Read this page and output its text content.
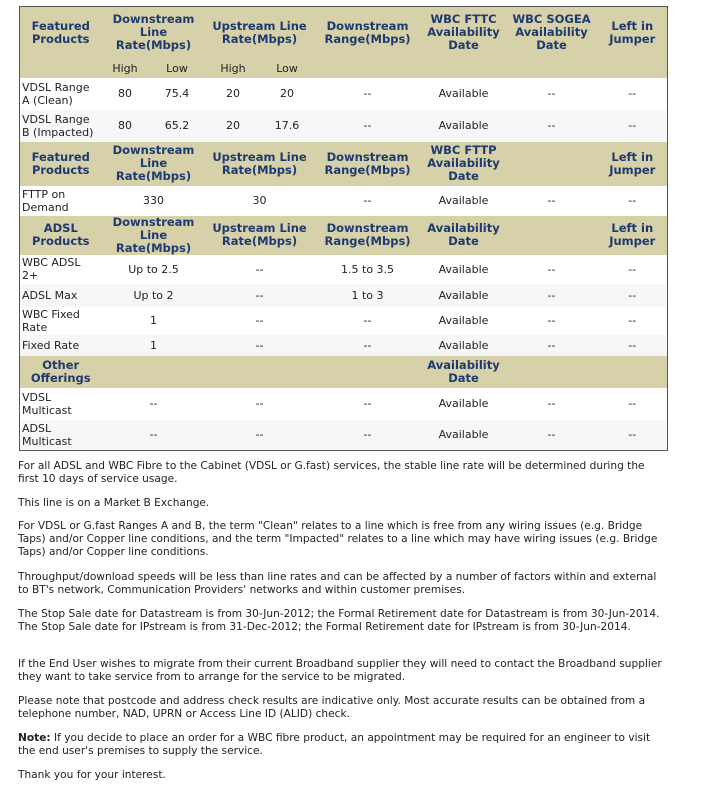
Featured Products	Downstream Line Rate(Mbps)		Upstream Line Rate(Mbps)		Downstream Range(Mbps)	WBC FTTC Availability Date	WBC SOGEA Availability Date	Left in Jumper
	High	Low	High	Low				
VDSL Range A (Clean)	80	75.4	20	20	--	Available	--	--
VDSL Range B (Impacted)	80	65.2	20	17.6	--	Available	--	--
Featured Products	Downstream Line Rate(Mbps)		Upstream Line Rate(Mbps)		Downstream Range(Mbps)	WBC FTTP Availability Date		Left in Jumper
FTTP on Demand	330		30		--	Available	--	--
ADSL Products	Downstream Line Rate(Mbps)		Upstream Line Rate(Mbps)		Downstream Range(Mbps)	Availability Date		Left in Jumper
WBC ADSL 2+	Up to 2.5		--		1.5 to 3.5	Available	--	--
ADSL Max	Up to 2		--		1 to 3	Available	--	--
WBC Fixed Rate	1		--		--	Available	--	--
Fixed Rate	1		--		--	Available	--	--
Other Offerings						Availability Date		
VDSL Multicast	--		--		--	Available	--	--
ADSL Multicast	--		--		--	Available	--	--

For all ADSL and WBC Fibre to the Cabinet (VDSL or G.fast) services, the stable line rate will be determined during the first 10 days of service usage.

This line is on a Market B Exchange.

For VDSL or G.fast Ranges A and B, the term "Clean" relates to a line which is free from any wiring issues (e.g. Bridge Taps) and/or Copper line conditions, and the term "Impacted" relates to a line which may have wiring issues (e.g. Bridge Taps) and/or Copper line conditions.

Throughput/download speeds will be less than line rates and can be affected by a number of factors within and external to BT's network, Communication Providers' networks and within customer premises.

The Stop Sale date for Datastream is from 30-Jun-2012; the Formal Retirement date for Datastream is from 30-Jun-2014. The Stop Sale date for IPstream is from 31-Dec-2012; the Formal Retirement date for IPstream is from 30-Jun-2014.

If the End User wishes to migrate from their current Broadband supplier they will need to contact the Broadband supplier they want to take service from to arrange for the service to be migrated.

Please note that postcode and address check results are indicative only. Most accurate results can be obtained from a telephone number, NAD, UPRN or Access Line ID (ALID) check.

Note: If you decide to place an order for a WBC fibre product, an appointment may be required for an engineer to visit the end user's premises to supply the service.

Thank you for your interest.
